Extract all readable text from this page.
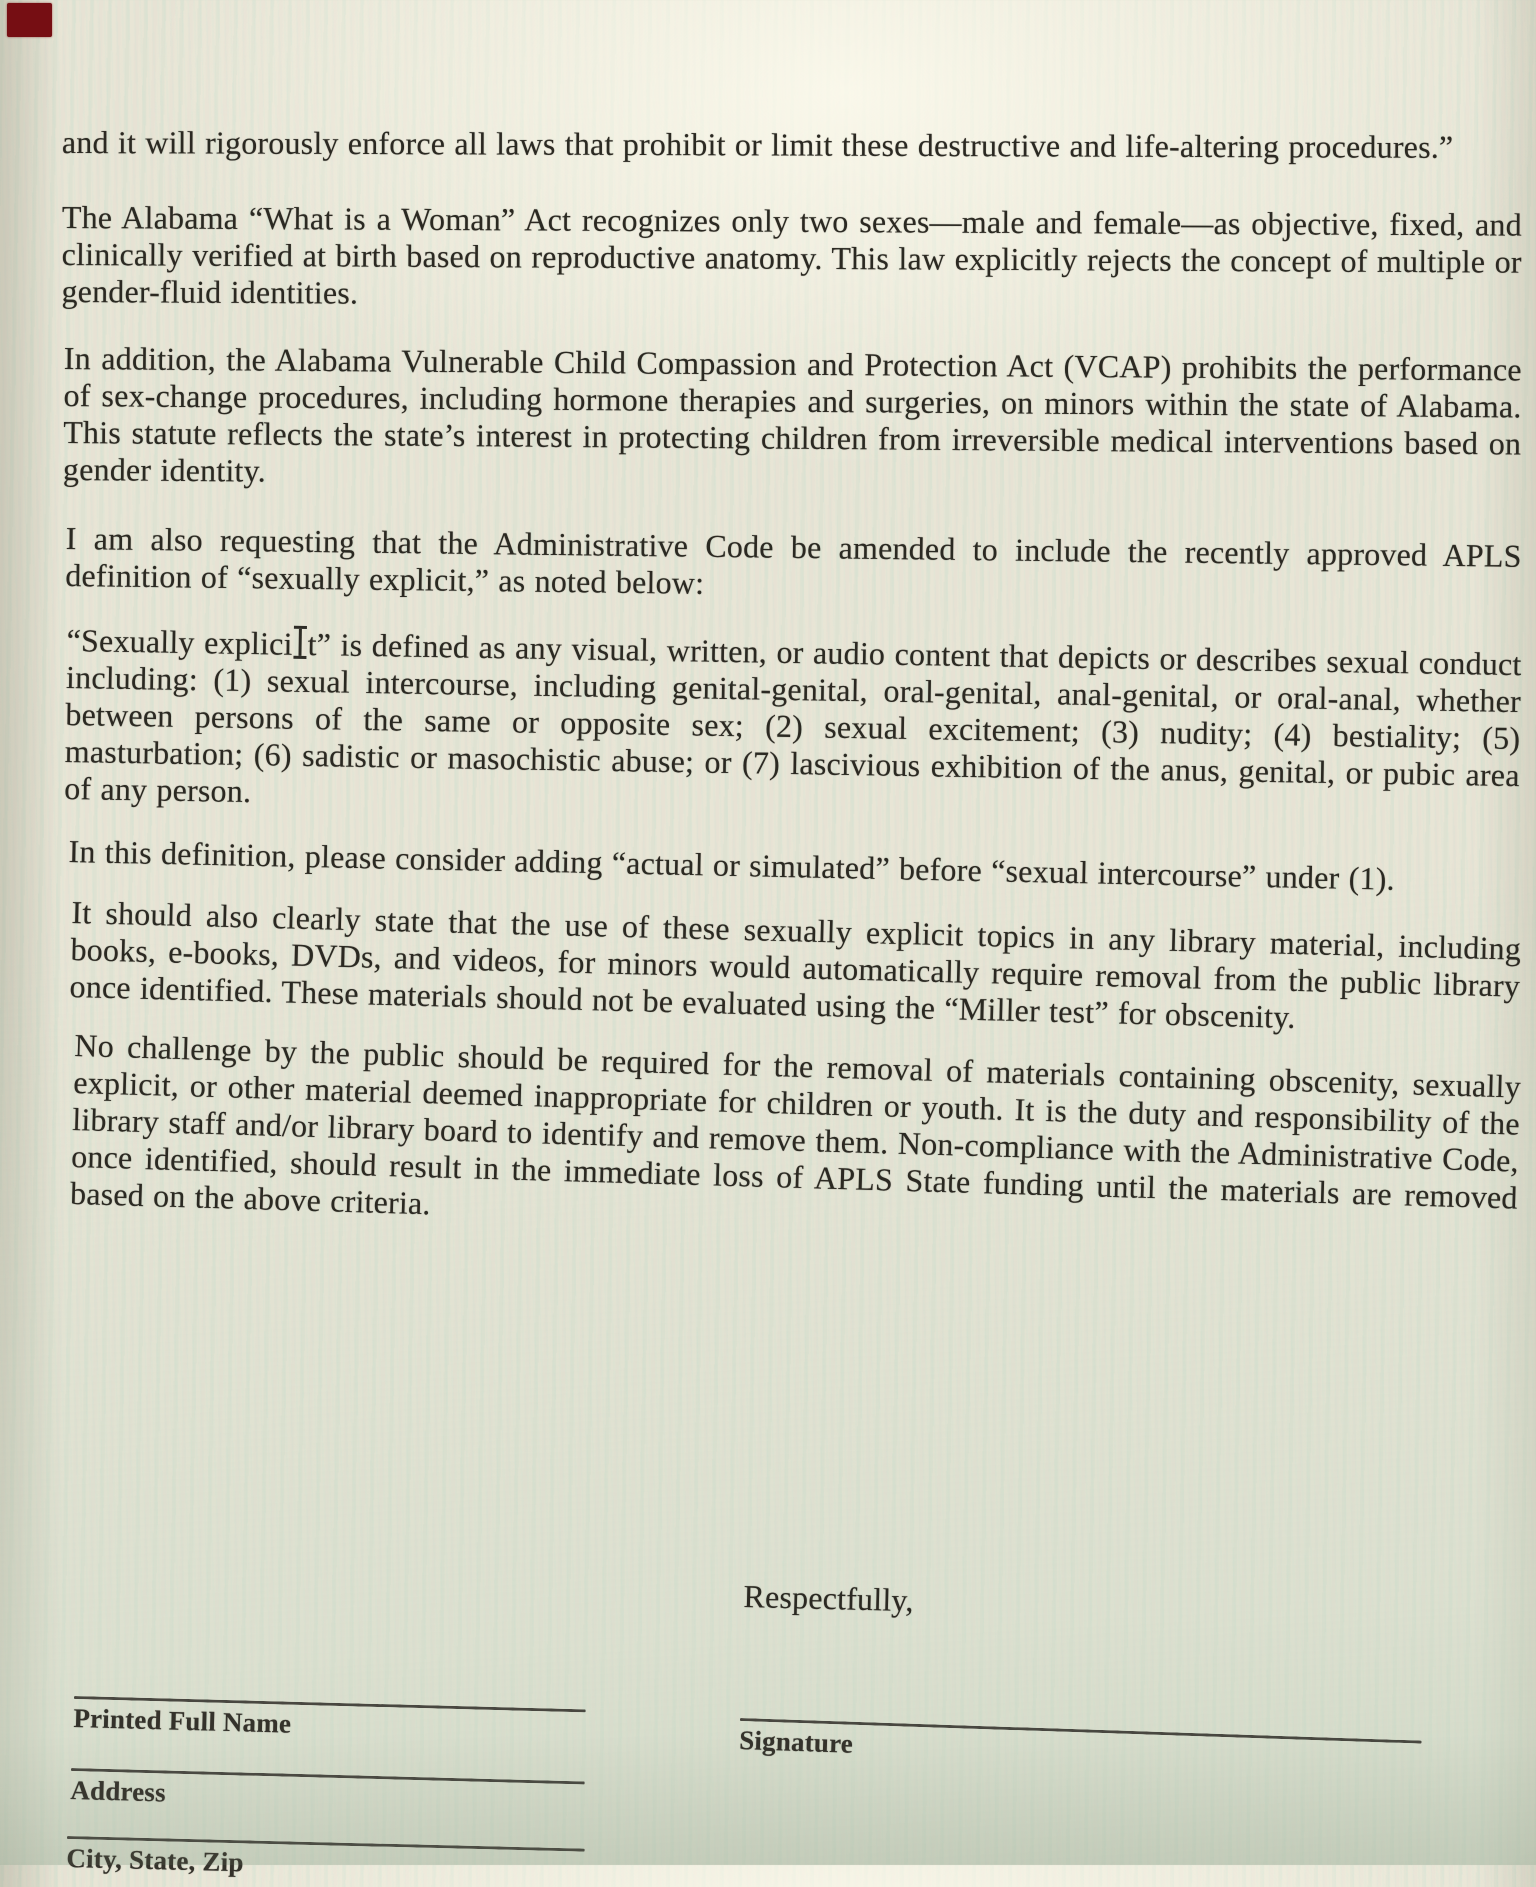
and it will rigorously enforce all laws that prohibit or limit these destructive and life-altering procedures.”

The Alabama “What is a Woman” Act recognizes only two sexes—male and female—as objective, fixed, and clinically verified at birth based on reproductive anatomy. This law explicitly rejects the concept of multiple or gender-fluid identities.

In addition, the Alabama Vulnerable Child Compassion and Protection Act (VCAP) prohibits the performance of sex-change procedures, including hormone therapies and surgeries, on minors within the state of Alabama. This statute reflects the state’s interest in protecting children from irreversible medical interventions based on gender identity.

I am also requesting that the Administrative Code be amended to include the recently approved APLS definition of “sexually explicit,” as noted below:

“Sexually explici t” is defined as any visual, written, or audio content that depicts or describes sexual conduct including: (1) sexual intercourse, including genital-genital, oral-genital, anal-genital, or oral-anal, whether between persons of the same or opposite sex; (2) sexual excitement; (3) nudity; (4) bestiality; (5) masturbation; (6) sadistic or masochistic abuse; or (7) lascivious exhibition of the anus, genital, or pubic area of any person.

In this definition, please consider adding “actual or simulated” before “sexual intercourse” under (1).

It should also clearly state that the use of these sexually explicit topics in any library material, including books, e-books, DVDs, and videos, for minors would automatically require removal from the public library once identified. These materials should not be evaluated using the “Miller test” for obscenity.

No challenge by the public should be required for the removal of materials containing obscenity, sexually explicit, or other material deemed inappropriate for children or youth. It is the duty and responsibility of the library staff and/or library board to identify and remove them. Non-compliance with the Administrative Code, once identified, should result in the immediate loss of APLS State funding until the materials are removed based on the above criteria.

Respectfully,
Printed Full Name
Signature
Address
City, State, Zip
